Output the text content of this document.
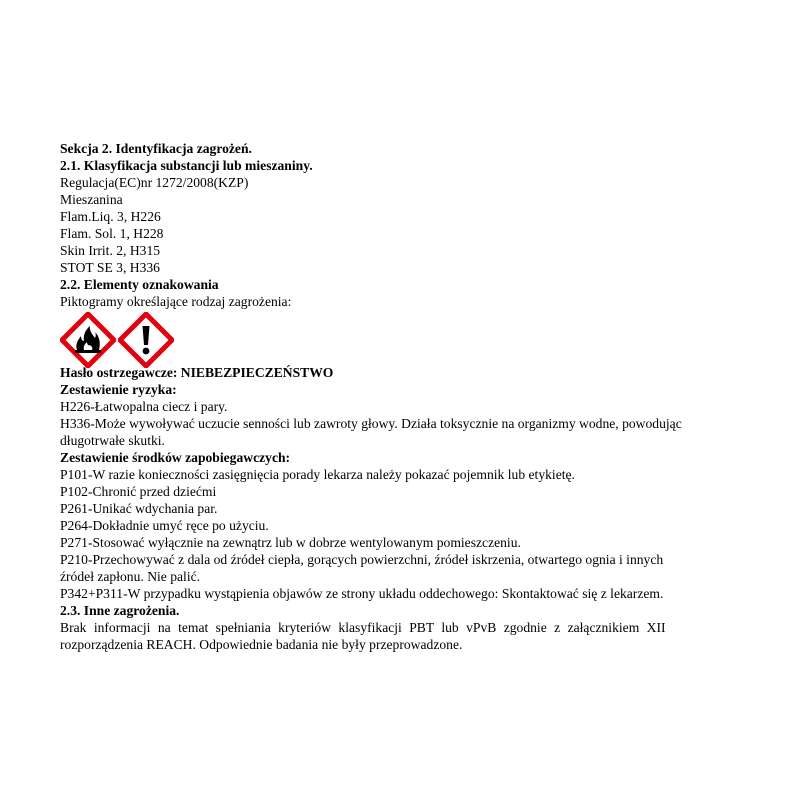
Sekcja 2. Identyfikacja zagrożeń.
2.1. Klasyfikacja substancji lub mieszaniny.
Regulacja(EC)nr 1272/2008(KZP)
Mieszanina
Flam.Liq. 3, H226
Flam. Sol. 1, H228
Skin Irrit. 2, H315
STOT SE 3, H336
2.2. Elementy oznakowania
Piktogramy określające rodzaj zagrożenia:
Hasło ostrzegawcze: NIEBEZPIECZEŃSTWO
Zestawienie ryzyka:
H226-Łatwopalna ciecz i pary.
H336-Może wywoływać uczucie senności lub zawroty głowy. Działa toksycznie na organizmy wodne, powodując
długotrwałe skutki.
Zestawienie środków zapobiegawczych:
P101-W razie konieczności zasięgnięcia porady lekarza należy pokazać pojemnik lub etykietę.
P102-Chronić przed dziećmi
P261-Unikać wdychania par.
P264-Dokładnie umyć ręce po użyciu.
P271-Stosować wyłącznie na zewnątrz lub w dobrze wentylowanym pomieszczeniu.
P210-Przechowywać z dala od źródeł ciepła, gorących powierzchni, źródeł iskrzenia, otwartego ognia i innych
źródeł zapłonu. Nie palić.
P342+P311-W przypadku wystąpienia objawów ze strony układu oddechowego: Skontaktować się z lekarzem.
2.3. Inne zagrożenia.
Brak informacji na temat spełniania kryteriów klasyfikacji PBT lub vPvB zgodnie z załącznikiem XII
rozporządzenia REACH. Odpowiednie badania nie były przeprowadzone.
